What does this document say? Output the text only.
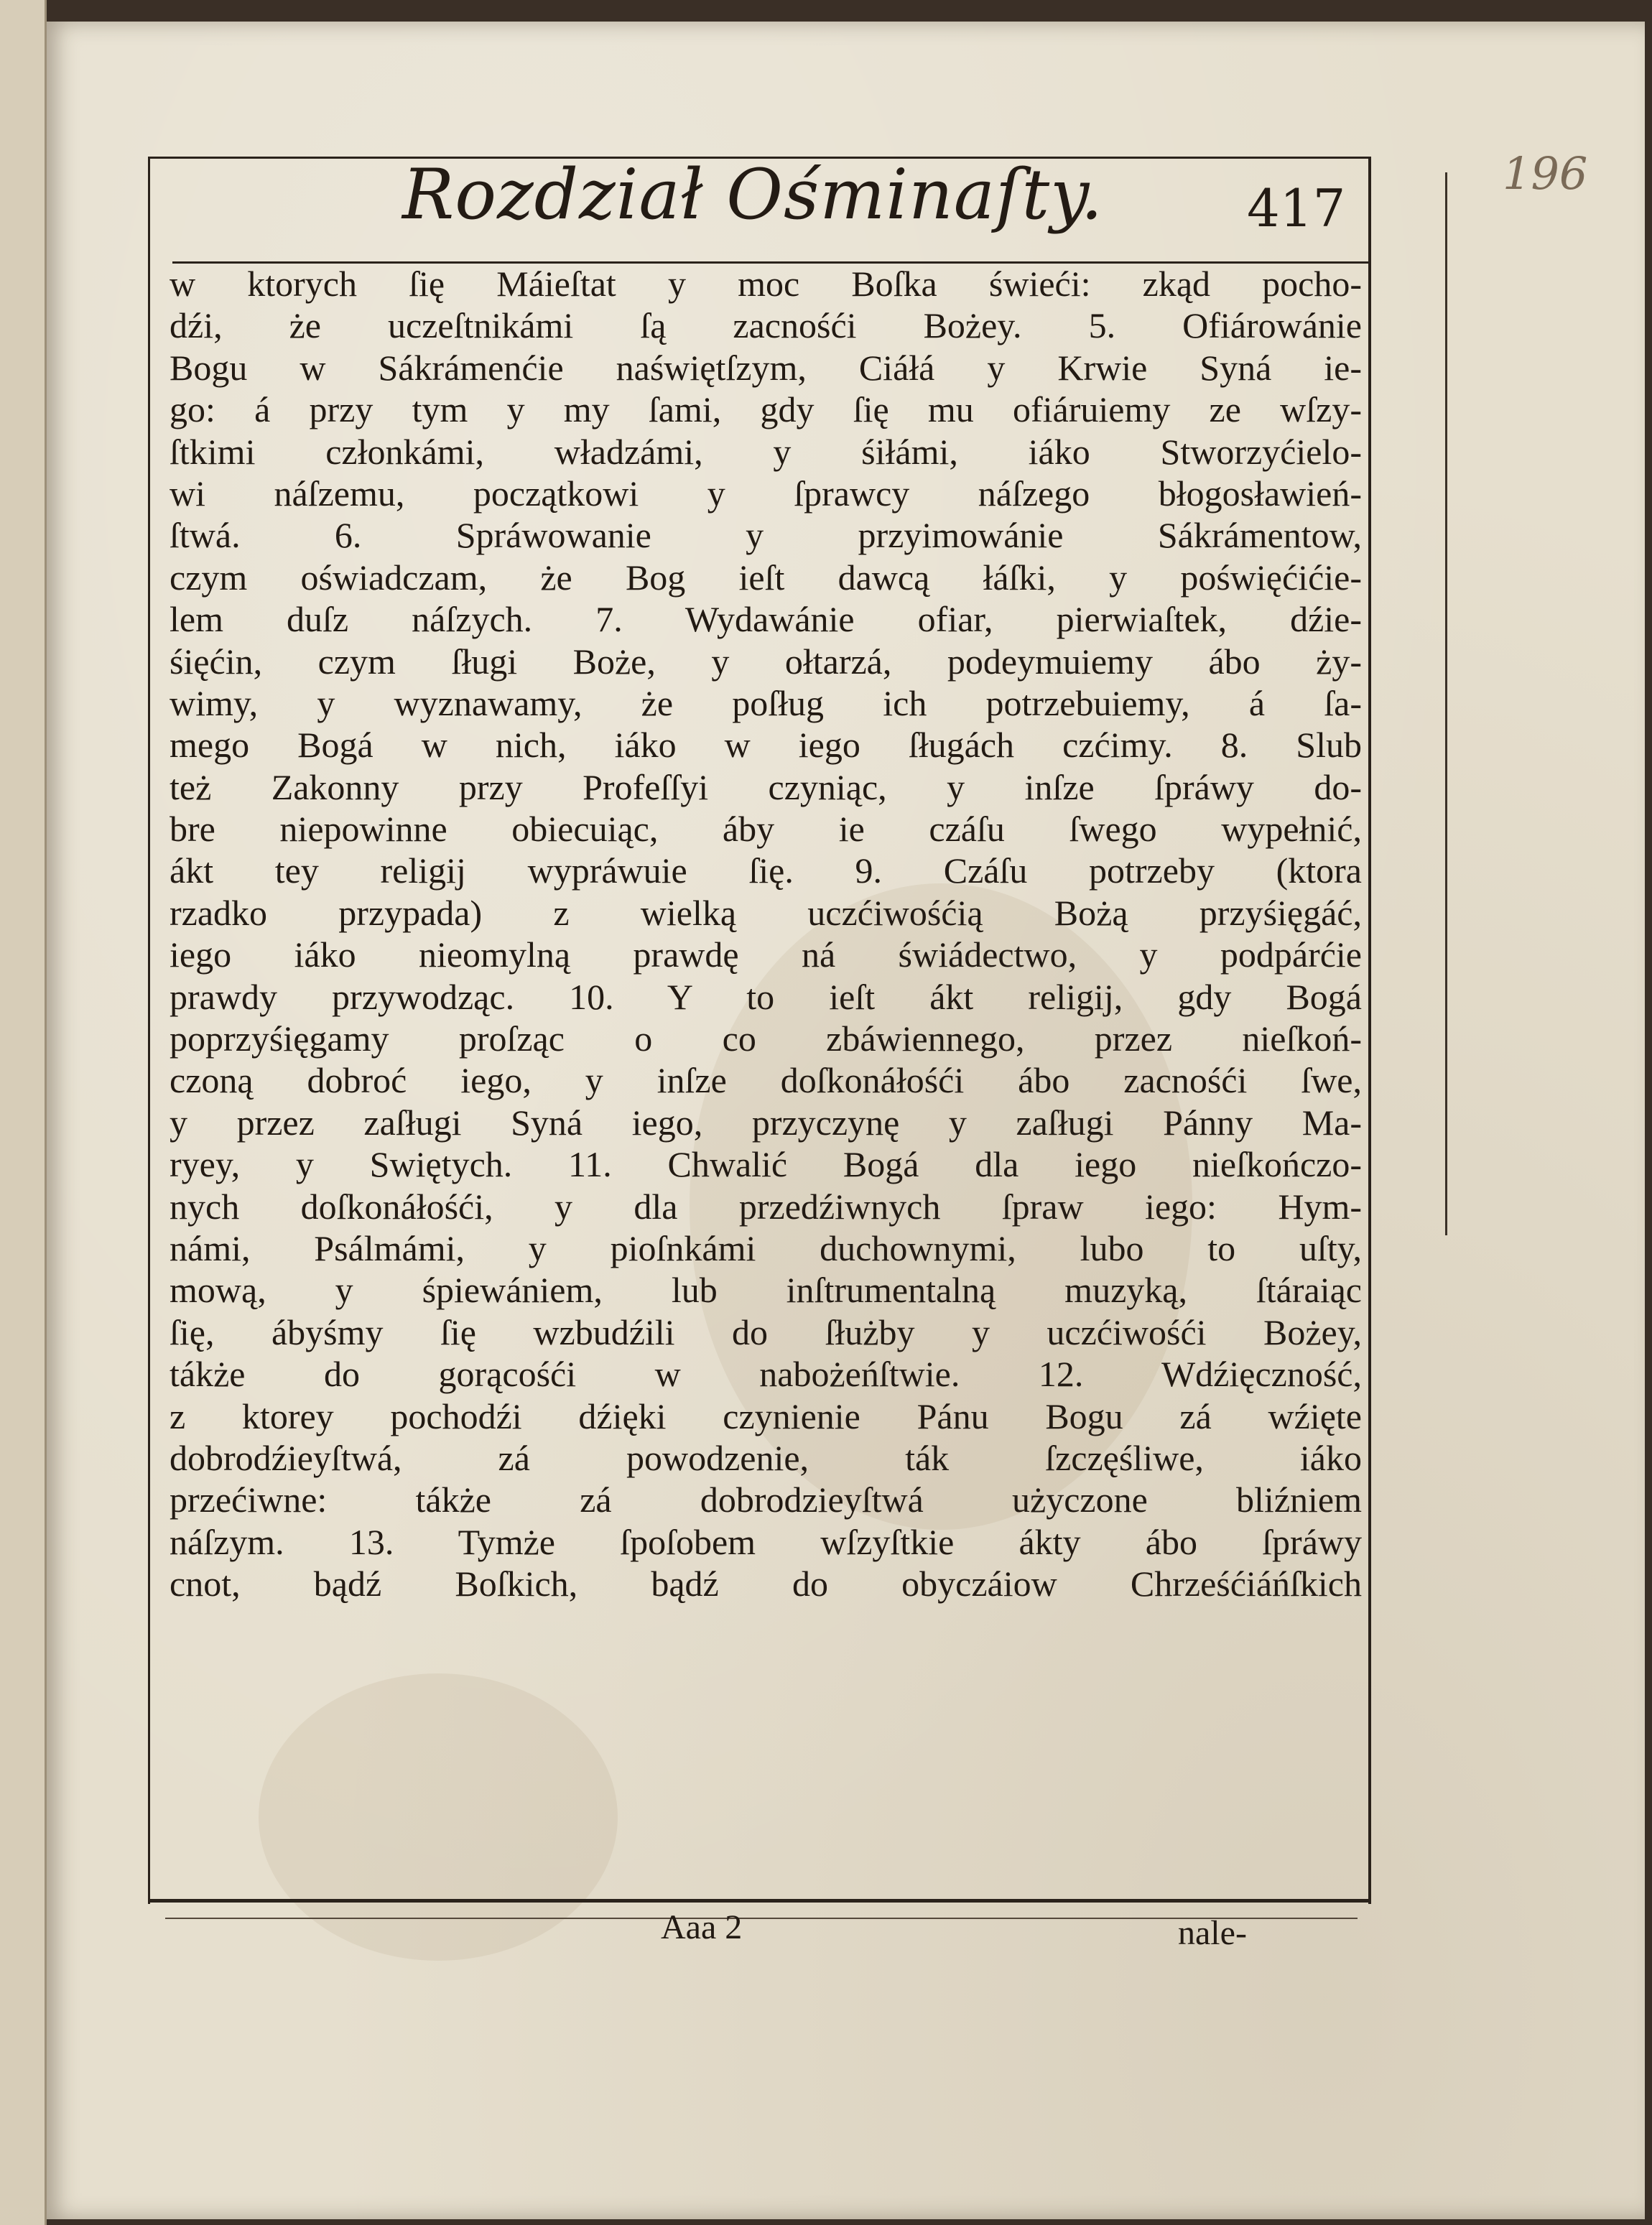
Rozdział Ośminaſty.	417
196
w ktorych ſię Máieſtat y moc Boſka świeći: zkąd pocho-
dźi, że uczeſtnikámi ſą zacnośći Bożey. 5. Ofiárowánie
Bogu w Sákrámenćie naświętſzym, Ciáłá y Krwie Syná ie-
go: á przy tym y my ſami, gdy ſię mu ofiáruiemy ze wſzy-
ſtkimi członkámi, władzámi, y śiłámi, iáko Stworzyćielo-
wi náſzemu, początkowi y ſprawcy náſzego błogosławień-
ſtwá. 6. Spráwowanie y przyimowánie Sákrámentow,
czym oświadczam, że Bog ieſt dawcą łáſki, y poświęćićie-
lem duſz náſzych. 7. Wydawánie ofiar, pierwiaſtek, dźie-
śięćin, czym ſługi Boże, y ołtarzá, podeymuiemy ábo ży-
wimy, y wyznawamy, że poſług ich potrzebuiemy, á ſa-
mego Bogá w nich, iáko w iego ſługách czćimy. 8. Slub
też Zakonny przy Profeſſyi czyniąc, y inſze ſpráwy do-
bre niepowinne obiecuiąc, áby ie czáſu ſwego wypełnić,
ákt tey religij wypráwuie ſię. 9. Czáſu potrzeby (ktora
rzadko przypada) z wielką uczćiwośćią Bożą przyśięgáć,
iego iáko nieomylną prawdę ná świádectwo, y podpárćie
prawdy przywodząc. 10. Y to ieſt ákt religij, gdy Bogá
poprzyśięgamy proſząc o co zbáwiennego, przez nieſkoń-
czoną dobroć iego, y inſze doſkonáłośći ábo zacnośći ſwe,
y przez zaſługi Syná iego, przyczynę y zaſługi Pánny Ma-
ryey, y Swiętych. 11. Chwalić Bogá dla iego nieſkończo-
nych doſkonáłośći, y dla przedźiwnych ſpraw iego: Hym-
námi, Psálmámi, y pioſnkámi duchownymi, lubo to uſty,
mową, y śpiewániem, lub inſtrumentalną muzyką, ſtáraiąc
ſię, ábyśmy ſię wzbudźili do ſłużby y uczćiwośći Bożey,
tákże do gorącośći w nabożeńſtwie. 12. Wdźięczność,
z ktorey pochodźi dźięki czynienie Pánu Bogu zá wźięte
dobrodźieyſtwá, zá powodzenie, ták ſzczęśliwe, iáko
przećiwne: tákże zá dobrodzieyſtwá użyczone bliźniem
náſzym. 13. Tymże ſpoſobem wſzyſtkie ákty ábo ſpráwy
cnot, bądź Boſkich, bądź do obyczáiow Chrześćiáńſkich
Aaa 2	nale-
